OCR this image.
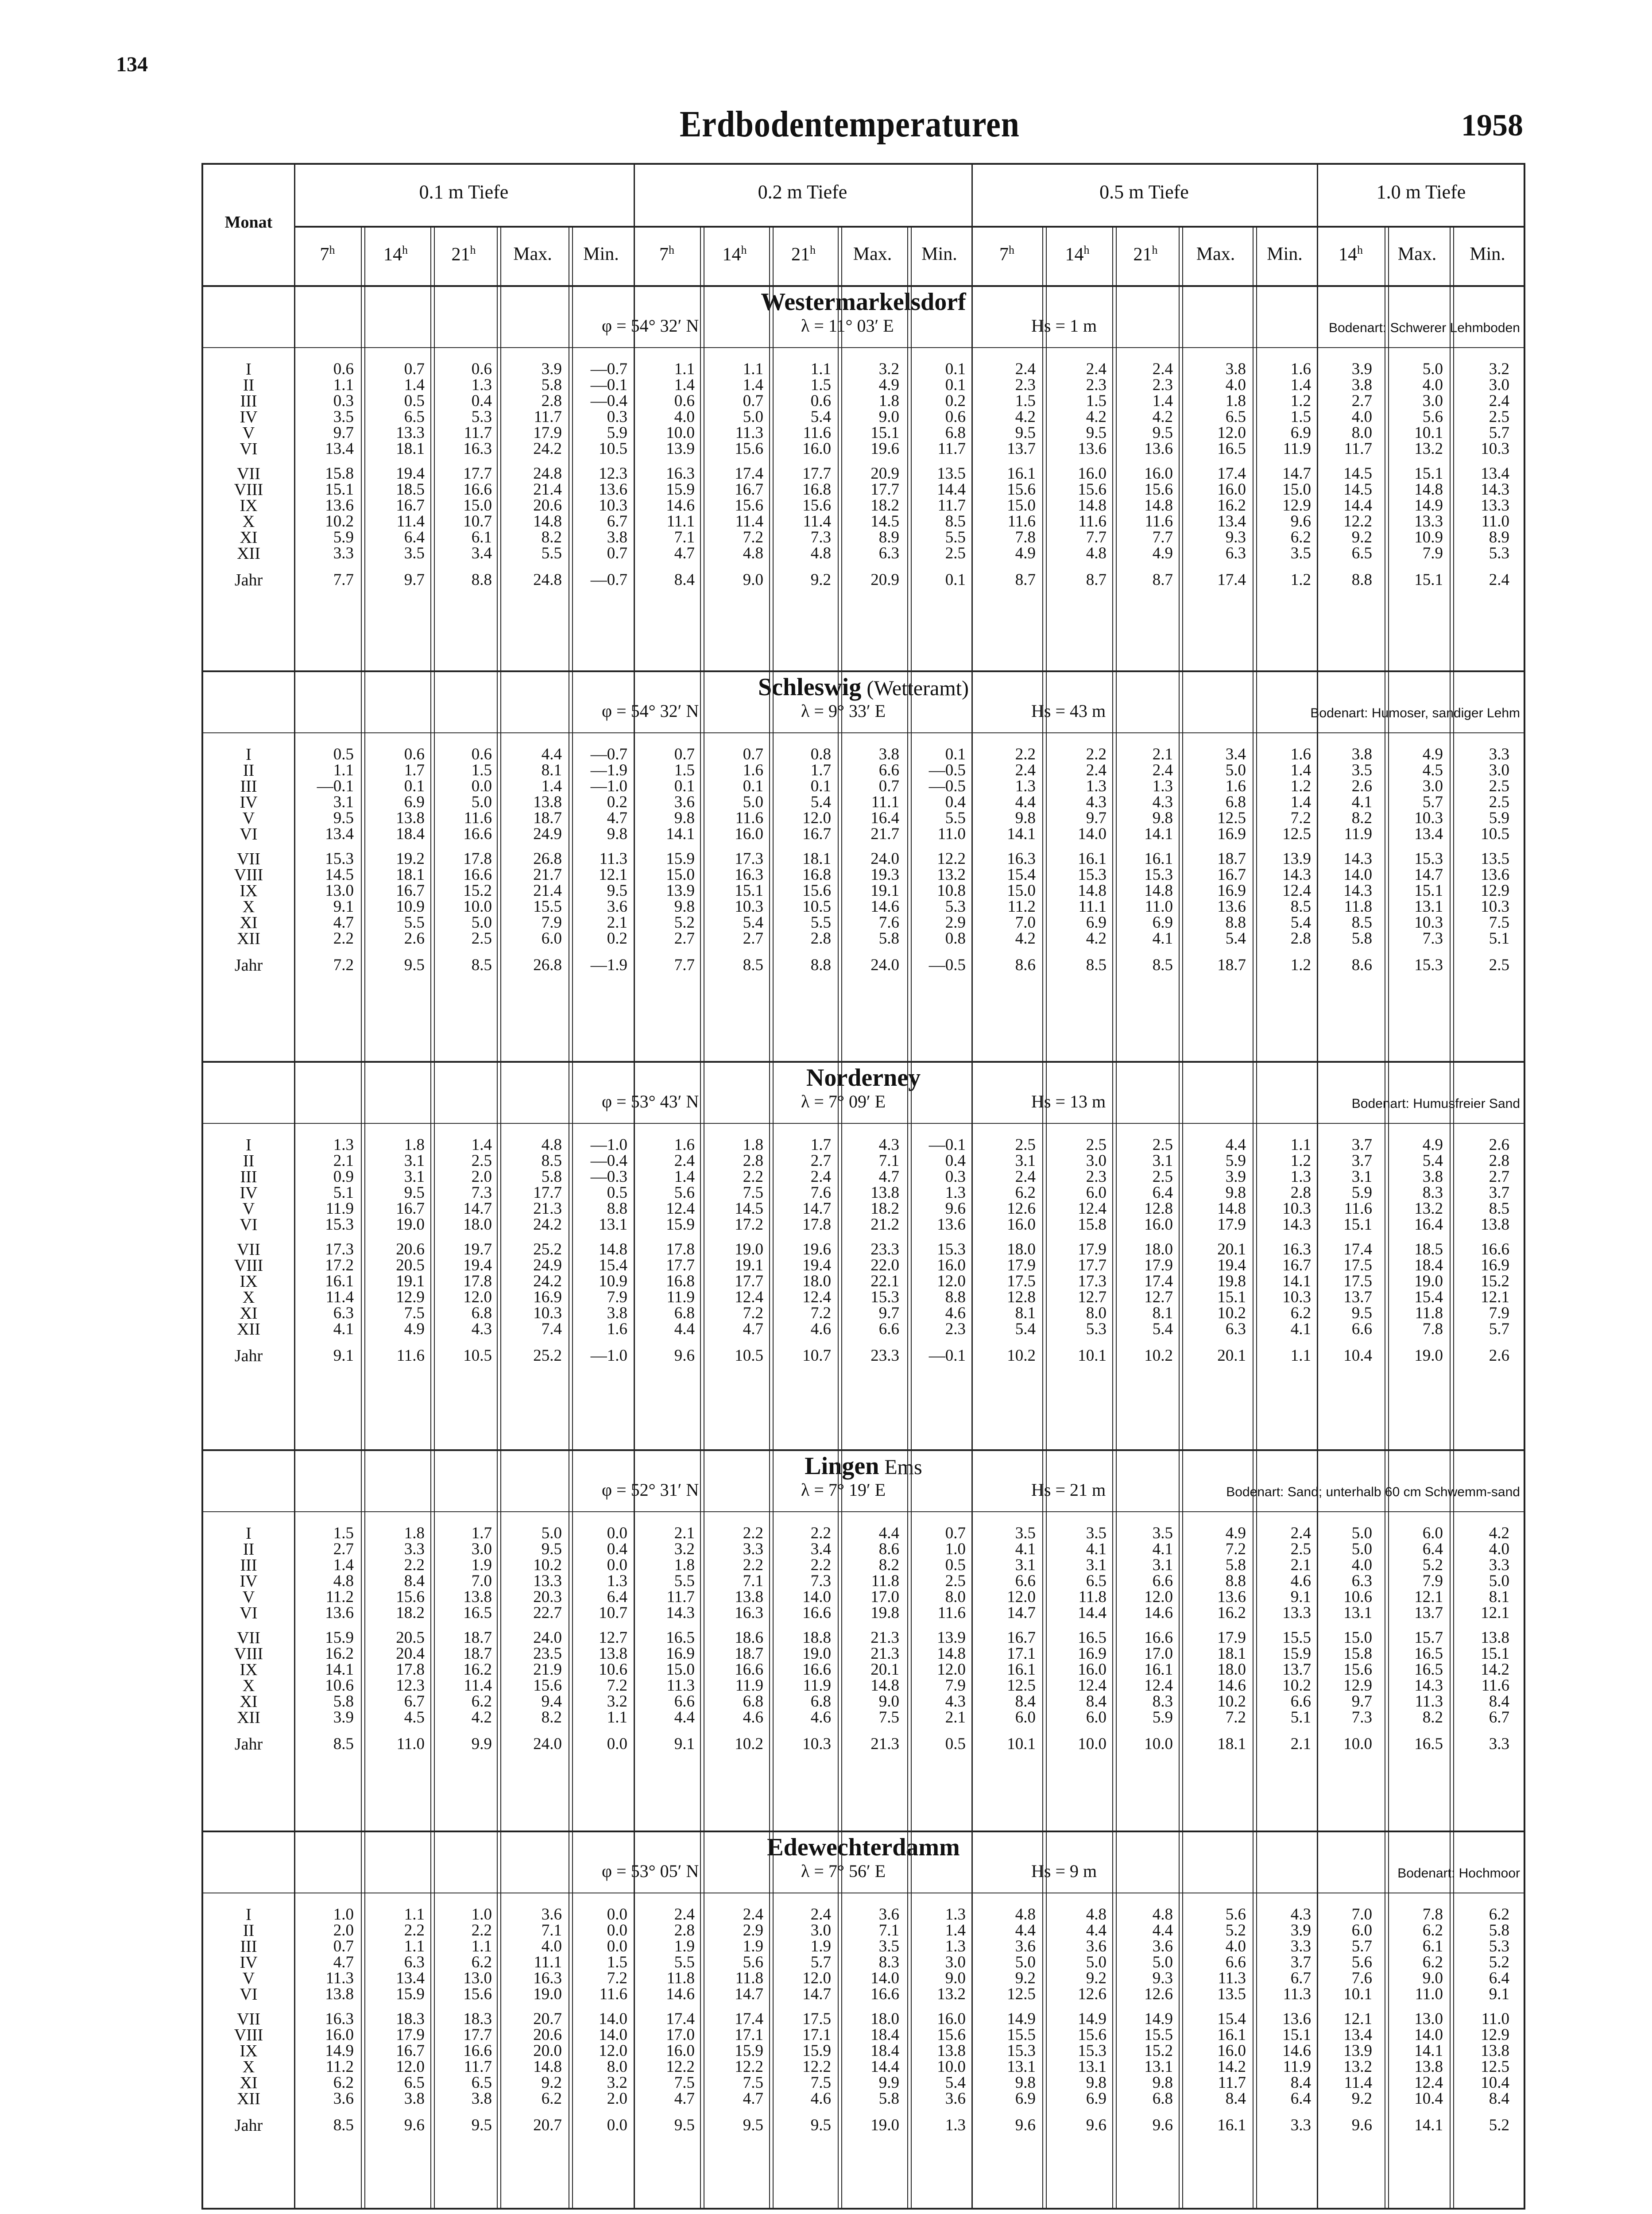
134
Erdbodentemperaturen	1958
Monat
0.1 m Tiefe	0.2 m Tiefe	0.5 m Tiefe	1.0 m Tiefe
7$^h$	14$^h$	21$^h$	Max.	Min.	7$^h$	14$^h$	21$^h$	Max.	Min.	7$^h$	14$^h$	21$^h$	Max.	Min.	14$^h$	Max.	Min.
Westermarkelsdorf
φ = 54° 32′ N	λ = 11° 03′ E	Hs = 1 m	Bodenart: Schwerer Lehmboden
I	0.6	0.7	0.6	3.9	—0.7	1.1	1.1	1.1	3.2	0.1	2.4	2.4	2.4	3.8	1.6	3.9	5.0	3.2
II	1.1	1.4	1.3	5.8	—0.1	1.4	1.4	1.5	4.9	0.1	2.3	2.3	2.3	4.0	1.4	3.8	4.0	3.0
III	0.3	0.5	0.4	2.8	—0.4	0.6	0.7	0.6	1.8	0.2	1.5	1.5	1.4	1.8	1.2	2.7	3.0	2.4
IV	3.5	6.5	5.3	11.7	0.3	4.0	5.0	5.4	9.0	0.6	4.2	4.2	4.2	6.5	1.5	4.0	5.6	2.5
V	9.7	13.3	11.7	17.9	5.9	10.0	11.3	11.6	15.1	6.8	9.5	9.5	9.5	12.0	6.9	8.0	10.1	5.7
VI	13.4	18.1	16.3	24.2	10.5	13.9	15.6	16.0	19.6	11.7	13.7	13.6	13.6	16.5	11.9	11.7	13.2	10.3
VII	15.8	19.4	17.7	24.8	12.3	16.3	17.4	17.7	20.9	13.5	16.1	16.0	16.0	17.4	14.7	14.5	15.1	13.4
VIII	15.1	18.5	16.6	21.4	13.6	15.9	16.7	16.8	17.7	14.4	15.6	15.6	15.6	16.0	15.0	14.5	14.8	14.3
IX	13.6	16.7	15.0	20.6	10.3	14.6	15.6	15.6	18.2	11.7	15.0	14.8	14.8	16.2	12.9	14.4	14.9	13.3
X	10.2	11.4	10.7	14.8	6.7	11.1	11.4	11.4	14.5	8.5	11.6	11.6	11.6	13.4	9.6	12.2	13.3	11.0
XI	5.9	6.4	6.1	8.2	3.8	7.1	7.2	7.3	8.9	5.5	7.8	7.7	7.7	9.3	6.2	9.2	10.9	8.9
XII	3.3	3.5	3.4	5.5	0.7	4.7	4.8	4.8	6.3	2.5	4.9	4.8	4.9	6.3	3.5	6.5	7.9	5.3
Jahr	7.7	9.7	8.8	24.8	—0.7	8.4	9.0	9.2	20.9	0.1	8.7	8.7	8.7	17.4	1.2	8.8	15.1	2.4
Schleswig (Wetteramt)
φ = 54° 32′ N	λ = 9° 33′ E	Hs = 43 m	Bodenart: Humoser, sandiger Lehm
I	0.5	0.6	0.6	4.4	—0.7	0.7	0.7	0.8	3.8	0.1	2.2	2.2	2.1	3.4	1.6	3.8	4.9	3.3
II	1.1	1.7	1.5	8.1	—1.9	1.5	1.6	1.7	6.6	—0.5	2.4	2.4	2.4	5.0	1.4	3.5	4.5	3.0
III	—0.1	0.1	0.0	1.4	—1.0	0.1	0.1	0.1	0.7	—0.5	1.3	1.3	1.3	1.6	1.2	2.6	3.0	2.5
IV	3.1	6.9	5.0	13.8	0.2	3.6	5.0	5.4	11.1	0.4	4.4	4.3	4.3	6.8	1.4	4.1	5.7	2.5
V	9.5	13.8	11.6	18.7	4.7	9.8	11.6	12.0	16.4	5.5	9.8	9.7	9.8	12.5	7.2	8.2	10.3	5.9
VI	13.4	18.4	16.6	24.9	9.8	14.1	16.0	16.7	21.7	11.0	14.1	14.0	14.1	16.9	12.5	11.9	13.4	10.5
VII	15.3	19.2	17.8	26.8	11.3	15.9	17.3	18.1	24.0	12.2	16.3	16.1	16.1	18.7	13.9	14.3	15.3	13.5
VIII	14.5	18.1	16.6	21.7	12.1	15.0	16.3	16.8	19.3	13.2	15.4	15.3	15.3	16.7	14.3	14.0	14.7	13.6
IX	13.0	16.7	15.2	21.4	9.5	13.9	15.1	15.6	19.1	10.8	15.0	14.8	14.8	16.9	12.4	14.3	15.1	12.9
X	9.1	10.9	10.0	15.5	3.6	9.8	10.3	10.5	14.6	5.3	11.2	11.1	11.0	13.6	8.5	11.8	13.1	10.3
XI	4.7	5.5	5.0	7.9	2.1	5.2	5.4	5.5	7.6	2.9	7.0	6.9	6.9	8.8	5.4	8.5	10.3	7.5
XII	2.2	2.6	2.5	6.0	0.2	2.7	2.7	2.8	5.8	0.8	4.2	4.2	4.1	5.4	2.8	5.8	7.3	5.1
Jahr	7.2	9.5	8.5	26.8	—1.9	7.7	8.5	8.8	24.0	—0.5	8.6	8.5	8.5	18.7	1.2	8.6	15.3	2.5
Norderney
φ = 53° 43′ N	λ = 7° 09′ E	Hs = 13 m	Bodenart: Humusfreier Sand
I	1.3	1.8	1.4	4.8	—1.0	1.6	1.8	1.7	4.3	—0.1	2.5	2.5	2.5	4.4	1.1	3.7	4.9	2.6
II	2.1	3.1	2.5	8.5	—0.4	2.4	2.8	2.7	7.1	0.4	3.1	3.0	3.1	5.9	1.2	3.7	5.4	2.8
III	0.9	3.1	2.0	5.8	—0.3	1.4	2.2	2.4	4.7	0.3	2.4	2.3	2.5	3.9	1.3	3.1	3.8	2.7
IV	5.1	9.5	7.3	17.7	0.5	5.6	7.5	7.6	13.8	1.3	6.2	6.0	6.4	9.8	2.8	5.9	8.3	3.7
V	11.9	16.7	14.7	21.3	8.8	12.4	14.5	14.7	18.2	9.6	12.6	12.4	12.8	14.8	10.3	11.6	13.2	8.5
VI	15.3	19.0	18.0	24.2	13.1	15.9	17.2	17.8	21.2	13.6	16.0	15.8	16.0	17.9	14.3	15.1	16.4	13.8
VII	17.3	20.6	19.7	25.2	14.8	17.8	19.0	19.6	23.3	15.3	18.0	17.9	18.0	20.1	16.3	17.4	18.5	16.6
VIII	17.2	20.5	19.4	24.9	15.4	17.7	19.1	19.4	22.0	16.0	17.9	17.7	17.9	19.4	16.7	17.5	18.4	16.9
IX	16.1	19.1	17.8	24.2	10.9	16.8	17.7	18.0	22.1	12.0	17.5	17.3	17.4	19.8	14.1	17.5	19.0	15.2
X	11.4	12.9	12.0	16.9	7.9	11.9	12.4	12.4	15.3	8.8	12.8	12.7	12.7	15.1	10.3	13.7	15.4	12.1
XI	6.3	7.5	6.8	10.3	3.8	6.8	7.2	7.2	9.7	4.6	8.1	8.0	8.1	10.2	6.2	9.5	11.8	7.9
XII	4.1	4.9	4.3	7.4	1.6	4.4	4.7	4.6	6.6	2.3	5.4	5.3	5.4	6.3	4.1	6.6	7.8	5.7
Jahr	9.1	11.6	10.5	25.2	—1.0	9.6	10.5	10.7	23.3	—0.1	10.2	10.1	10.2	20.1	1.1	10.4	19.0	2.6
Lingen Ems
φ = 52° 31′ N	λ = 7° 19′ E	Hs = 21 m	Bodenart: Sand; unterhalb 60 cm Schwemm-sand
I	1.5	1.8	1.7	5.0	0.0	2.1	2.2	2.2	4.4	0.7	3.5	3.5	3.5	4.9	2.4	5.0	6.0	4.2
II	2.7	3.3	3.0	9.5	0.4	3.2	3.3	3.4	8.6	1.0	4.1	4.1	4.1	7.2	2.5	5.0	6.4	4.0
III	1.4	2.2	1.9	10.2	0.0	1.8	2.2	2.2	8.2	0.5	3.1	3.1	3.1	5.8	2.1	4.0	5.2	3.3
IV	4.8	8.4	7.0	13.3	1.3	5.5	7.1	7.3	11.8	2.5	6.6	6.5	6.6	8.8	4.6	6.3	7.9	5.0
V	11.2	15.6	13.8	20.3	6.4	11.7	13.8	14.0	17.0	8.0	12.0	11.8	12.0	13.6	9.1	10.6	12.1	8.1
VI	13.6	18.2	16.5	22.7	10.7	14.3	16.3	16.6	19.8	11.6	14.7	14.4	14.6	16.2	13.3	13.1	13.7	12.1
VII	15.9	20.5	18.7	24.0	12.7	16.5	18.6	18.8	21.3	13.9	16.7	16.5	16.6	17.9	15.5	15.0	15.7	13.8
VIII	16.2	20.4	18.7	23.5	13.8	16.9	18.7	19.0	21.3	14.8	17.1	16.9	17.0	18.1	15.9	15.8	16.5	15.1
IX	14.1	17.8	16.2	21.9	10.6	15.0	16.6	16.6	20.1	12.0	16.1	16.0	16.1	18.0	13.7	15.6	16.5	14.2
X	10.6	12.3	11.4	15.6	7.2	11.3	11.9	11.9	14.8	7.9	12.5	12.4	12.4	14.6	10.2	12.9	14.3	11.6
XI	5.8	6.7	6.2	9.4	3.2	6.6	6.8	6.8	9.0	4.3	8.4	8.4	8.3	10.2	6.6	9.7	11.3	8.4
XII	3.9	4.5	4.2	8.2	1.1	4.4	4.6	4.6	7.5	2.1	6.0	6.0	5.9	7.2	5.1	7.3	8.2	6.7
Jahr	8.5	11.0	9.9	24.0	0.0	9.1	10.2	10.3	21.3	0.5	10.1	10.0	10.0	18.1	2.1	10.0	16.5	3.3
Edewechterdamm
φ = 53° 05′ N	λ = 7° 56′ E	Hs = 9 m	Bodenart: Hochmoor
I	1.0	1.1	1.0	3.6	0.0	2.4	2.4	2.4	3.6	1.3	4.8	4.8	4.8	5.6	4.3	7.0	7.8	6.2
II	2.0	2.2	2.2	7.1	0.0	2.8	2.9	3.0	7.1	1.4	4.4	4.4	4.4	5.2	3.9	6.0	6.2	5.8
III	0.7	1.1	1.1	4.0	0.0	1.9	1.9	1.9	3.5	1.3	3.6	3.6	3.6	4.0	3.3	5.7	6.1	5.3
IV	4.7	6.3	6.2	11.1	1.5	5.5	5.6	5.7	8.3	3.0	5.0	5.0	5.0	6.6	3.7	5.6	6.2	5.2
V	11.3	13.4	13.0	16.3	7.2	11.8	11.8	12.0	14.0	9.0	9.2	9.2	9.3	11.3	6.7	7.6	9.0	6.4
VI	13.8	15.9	15.6	19.0	11.6	14.6	14.7	14.7	16.6	13.2	12.5	12.6	12.6	13.5	11.3	10.1	11.0	9.1
VII	16.3	18.3	18.3	20.7	14.0	17.4	17.4	17.5	18.0	16.0	14.9	14.9	14.9	15.4	13.6	12.1	13.0	11.0
VIII	16.0	17.9	17.7	20.6	14.0	17.0	17.1	17.1	18.4	15.6	15.5	15.6	15.5	16.1	15.1	13.4	14.0	12.9
IX	14.9	16.7	16.6	20.0	12.0	16.0	15.9	15.9	18.4	13.8	15.3	15.3	15.2	16.0	14.6	13.9	14.1	13.8
X	11.2	12.0	11.7	14.8	8.0	12.2	12.2	12.2	14.4	10.0	13.1	13.1	13.1	14.2	11.9	13.2	13.8	12.5
XI	6.2	6.5	6.5	9.2	3.2	7.5	7.5	7.5	9.9	5.4	9.8	9.8	9.8	11.7	8.4	11.4	12.4	10.4
XII	3.6	3.8	3.8	6.2	2.0	4.7	4.7	4.6	5.8	3.6	6.9	6.9	6.8	8.4	6.4	9.2	10.4	8.4
Jahr	8.5	9.6	9.5	20.7	0.0	9.5	9.5	9.5	19.0	1.3	9.6	9.6	9.6	16.1	3.3	9.6	14.1	5.2
